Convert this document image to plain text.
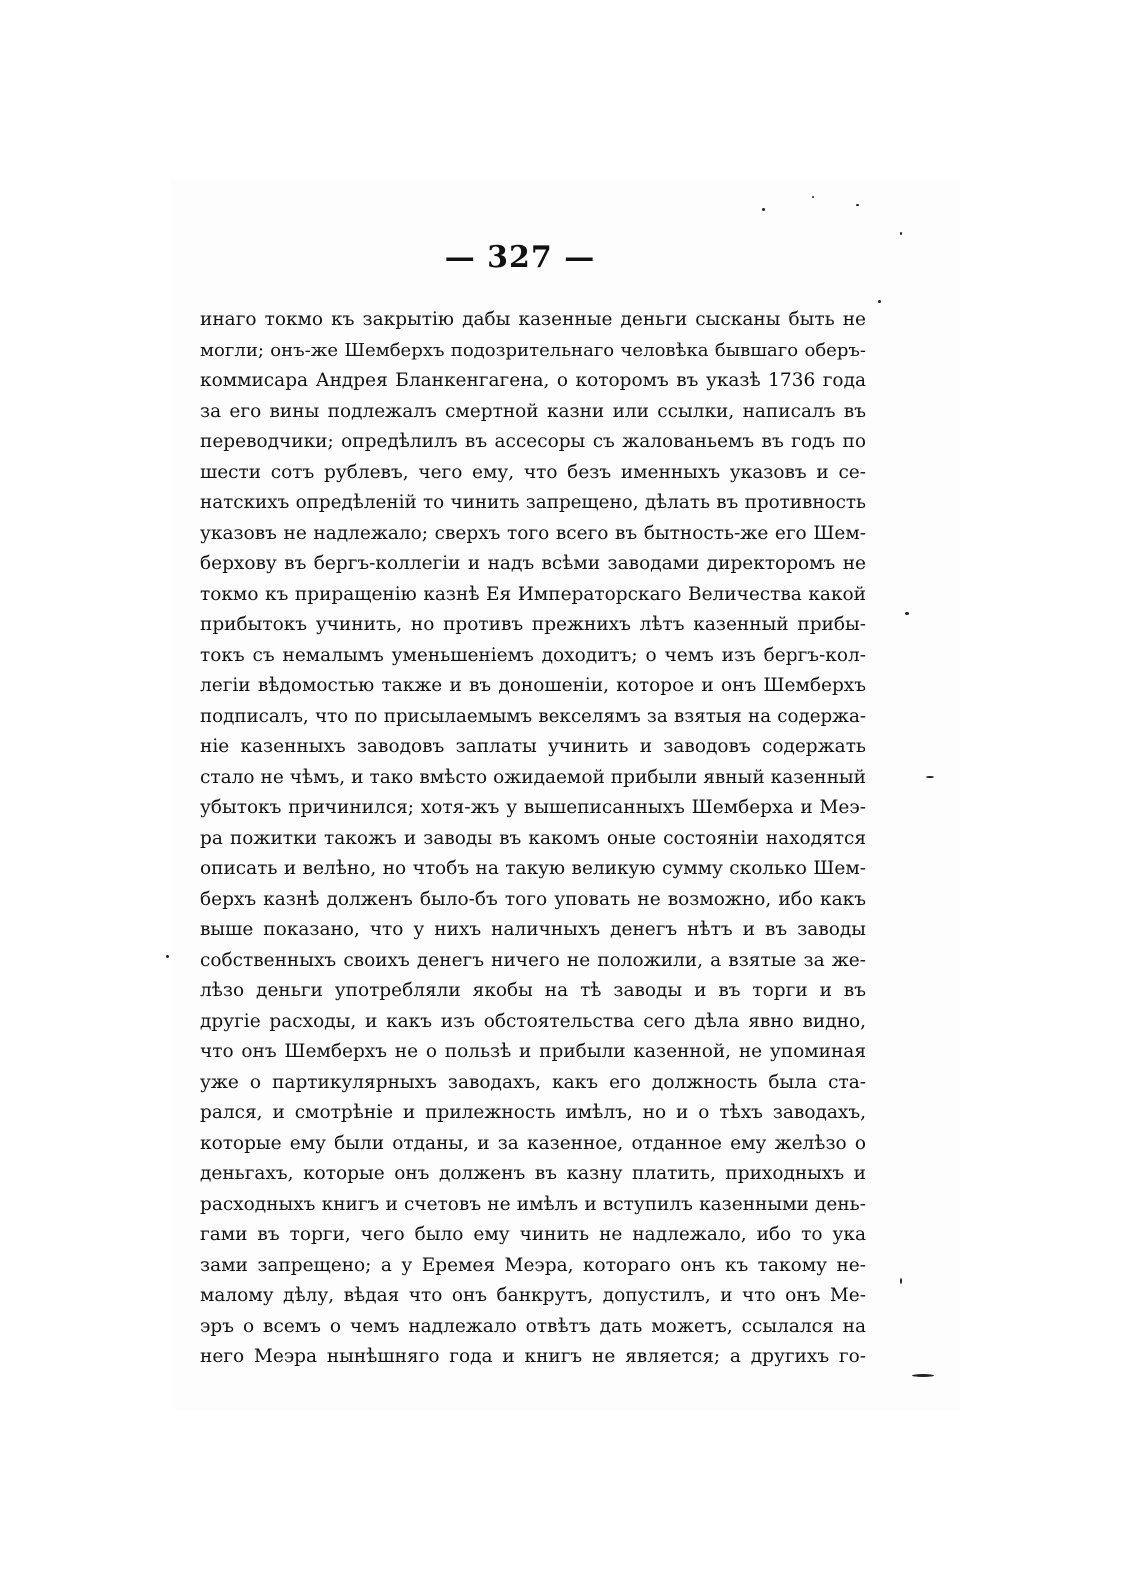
— 327 —
инаго токмо къ закрытію дабы казенные деньги сысканы быть не
могли; онъ-же Шемберхъ подозрительнаго человѣка бывшаго оберъ-
коммисара Андрея Бланкенгагена, о которомъ въ указѣ 1736 года
за его вины подлежалъ смертной казни или ссылки, написалъ въ
переводчики; опредѣлилъ въ ассесоры съ жалованьемъ въ годъ по
шести сотъ рублевъ, чего ему, что безъ именныхъ указовъ и се-
натскихъ опредѣленій то чинить запрещено, дѣлать въ противность
указовъ не надлежало; сверхъ того всего въ бытность-же его Шем-
берхову въ бергъ-коллегіи и надъ всѣми заводами директоромъ не
токмо къ приращенію казнѣ Ея Императорскаго Величества какой
прибытокъ учинить, но противъ прежнихъ лѣтъ казенный прибы-
токъ съ немалымъ уменьшеніемъ доходитъ; о чемъ изъ бергъ-кол-
легіи вѣдомостью также и въ доношеніи, которое и онъ Шемберхъ
подписалъ, что по присылаемымъ векселямъ за взятыя на содержа-
ніе казенныхъ заводовъ заплаты учинить и заводовъ содержать
стало не чѣмъ, и тако вмѣсто ожидаемой прибыли явный казенный
убытокъ причинился; хотя-жъ у вышеписанныхъ Шемберха и Меэ-
ра пожитки такожъ и заводы въ какомъ оные состояніи находятся
описать и велѣно, но чтобъ на такую великую сумму сколько Шем-
берхъ казнѣ долженъ было-бъ того уповать не возможно, ибо какъ
выше показано, что у нихъ наличныхъ денегъ нѣтъ и въ заводы
собственныхъ своихъ денегъ ничего не положили, а взятые за же-
лѣзо деньги употребляли якобы на тѣ заводы и въ торги и въ
другіе расходы, и какъ изъ обстоятельства сего дѣла явно видно,
что онъ Шемберхъ не о пользѣ и прибыли казенной, не упоминая
уже о партикулярныхъ заводахъ, какъ его должность была ста-
рался, и смотрѣніе и прилежность имѣлъ, но и о тѣхъ заводахъ,
которые ему были отданы, и за казенное, отданное ему желѣзо о
деньгахъ, которые онъ долженъ въ казну платить, приходныхъ и
расходныхъ книгъ и счетовъ не имѣлъ и вступилъ казенными день-
гами въ торги, чего было ему чинить не надлежало, ибо то ука
зами запрещено; а у Еремея Меэра, котораго онъ къ такому не-
малому дѣлу, вѣдая что онъ банкрутъ, допустилъ, и что онъ Ме-
эръ о всемъ о чемъ надлежало отвѣтъ дать можетъ, ссылался на
него Меэра нынѣшняго года и книгъ не является; а другихъ го-
